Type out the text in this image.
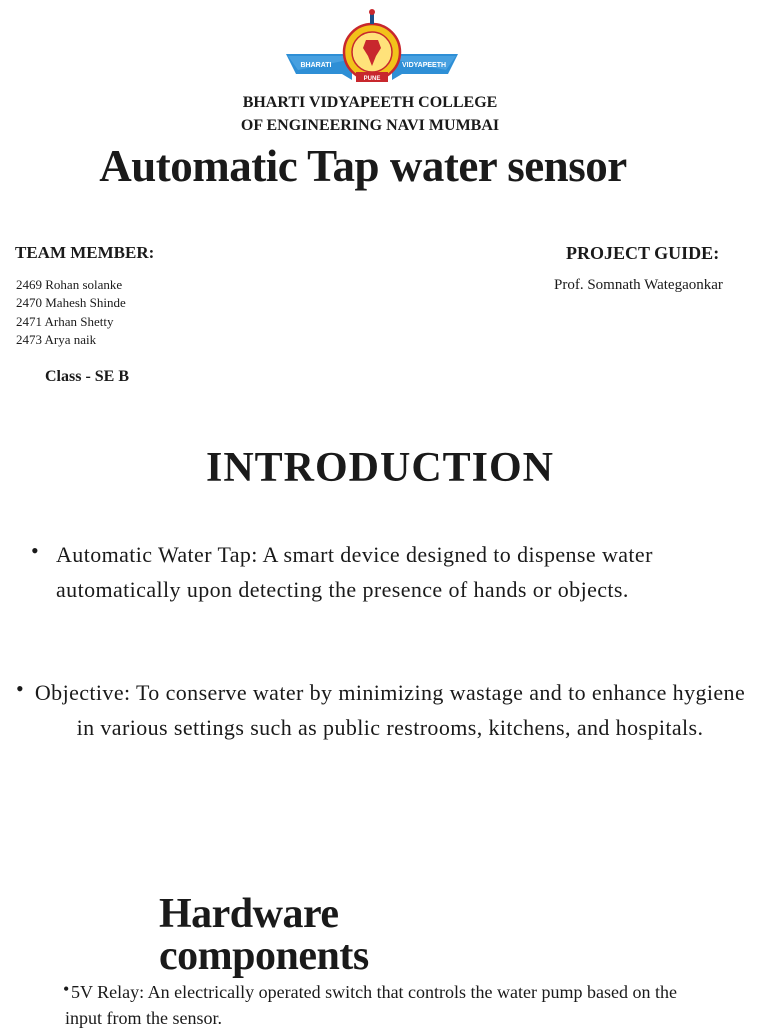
BHARATI	VIDYAPEETH
PUNE
BHARTI VIDYAPEETH COLLEGE
OF ENGINEERING NAVI MUMBAI
Automatic Tap water sensor
TEAM MEMBER:
2469 Rohan solanke
2470 Mahesh Shinde
2471 Arhan Shetty
2473 Arya naik
Class - SE B
PROJECT GUIDE:
Prof. Somnath Wategaonkar
INTRODUCTION
• Automatic Water Tap: A smart device designed to dispense water automatically upon detecting the presence of hands or objects.
• Objective: To conserve water by minimizing wastage and to enhance hygiene in various settings such as public restrooms, kitchens, and hospitals.
Hardware components
• 5V Relay: An electrically operated switch that controls the water pump based on the input from the sensor.
